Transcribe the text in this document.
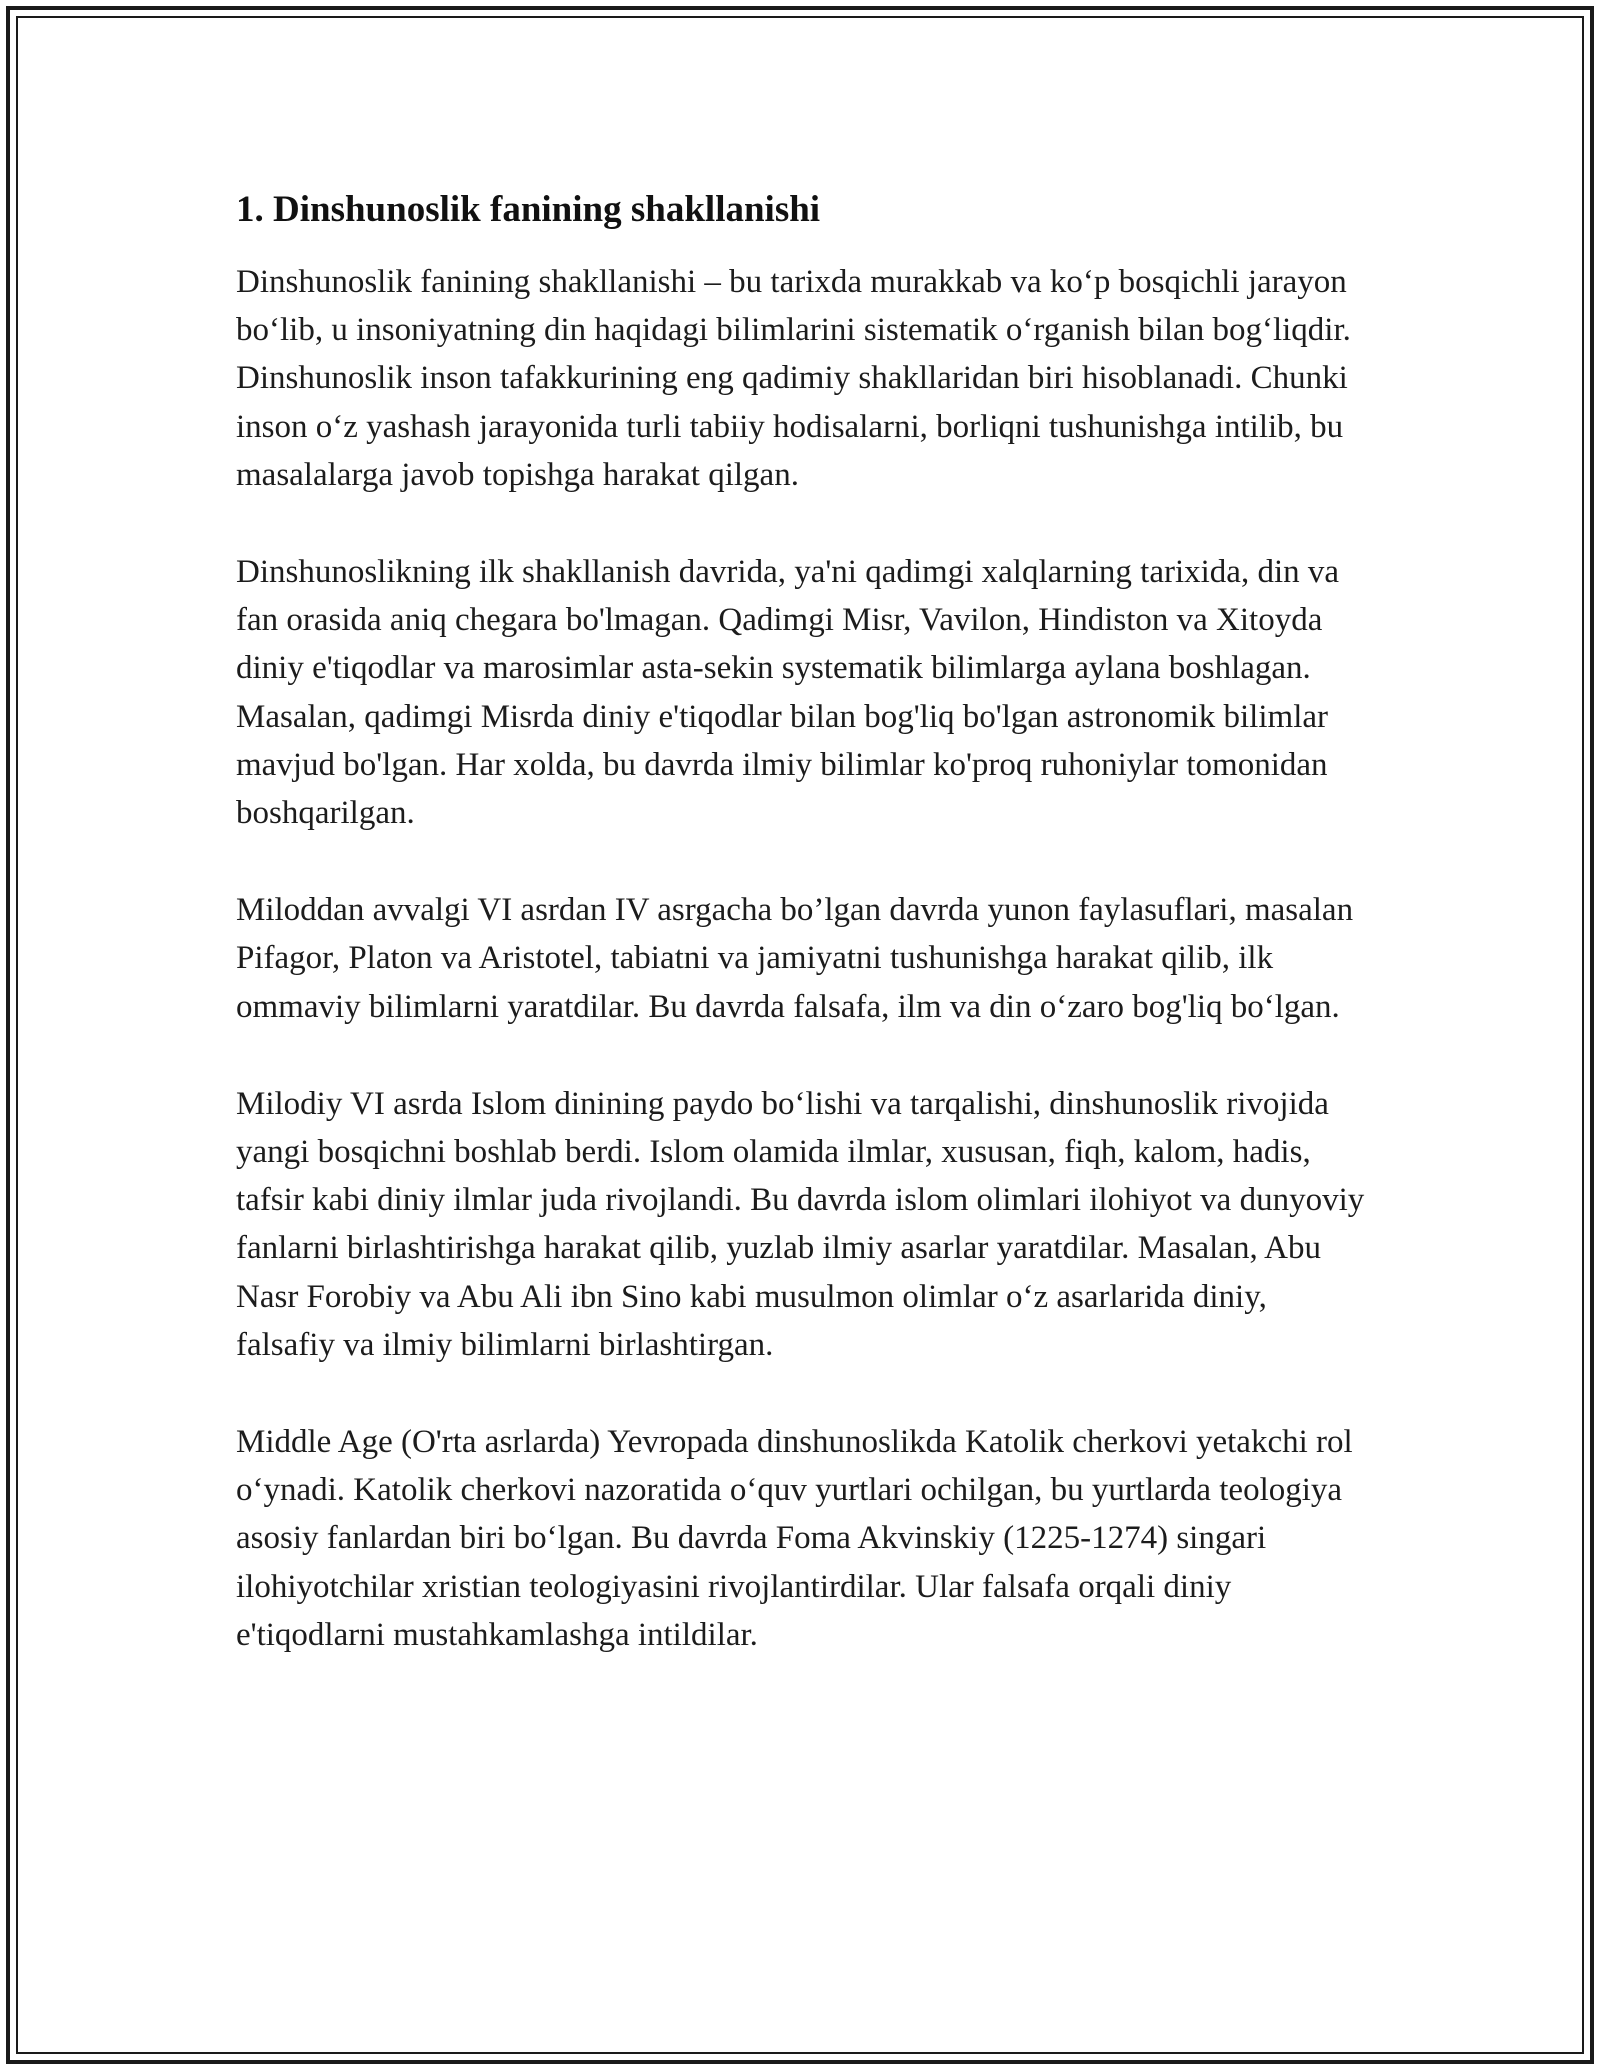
1. Dinshunoslik fanining shakllanishi

Dinshunoslik fanining shakllanishi – bu tarixda murakkab va koʻp bosqichli jarayon boʻlib, u insoniyatning din haqidagi bilimlarini sistematik oʻrganish bilan bogʻliqdir. Dinshunoslik inson tafakkurining eng qadimiy shakllaridan biri hisoblanadi. Chunki inson oʻz yashash jarayonida turli tabiiy hodisalarni, borliqni tushunishga intilib, bu masalalarga javob topishga harakat qilgan.

Dinshunoslikning ilk shakllanish davrida, ya'ni qadimgi xalqlarning tarixida, din va fan orasida aniq chegara bo'lmagan. Qadimgi Misr, Vavilon, Hindiston va Xitoyda diniy e'tiqodlar va marosimlar asta-sekin systematik bilimlarga aylana boshlagan. Masalan, qadimgi Misrda diniy e'tiqodlar bilan bog'liq bo'lgan astronomik bilimlar mavjud bo'lgan. Har xolda, bu davrda ilmiy bilimlar ko'proq ruhoniylar tomonidan boshqarilgan.

Miloddan avvalgi VI asrdan IV asrgacha bo’lgan davrda yunon faylasuflari, masalan Pifagor, Platon va Aristotel, tabiatni va jamiyatni tushunishga harakat qilib, ilk ommaviy bilimlarni yaratdilar. Bu davrda falsafa, ilm va din oʻzaro bog'liq boʻlgan.

Milodiy VI asrda Islom dinining paydo boʻlishi va tarqalishi, dinshunoslik rivojida yangi bosqichni boshlab berdi. Islom olamida ilmlar, xususan, fiqh, kalom, hadis, tafsir kabi diniy ilmlar juda rivojlandi. Bu davrda islom olimlari ilohiyot va dunyoviy fanlarni birlashtirishga harakat qilib, yuzlab ilmiy asarlar yaratdilar. Masalan, Abu Nasr Forobiy va Abu Ali ibn Sino kabi musulmon olimlar oʻz asarlarida diniy, falsafiy va ilmiy bilimlarni birlashtirgan.

Middle Age (O'rta asrlarda) Yevropada dinshunoslikda Katolik cherkovi yetakchi rol oʻynadi. Katolik cherkovi nazoratida oʻquv yurtlari ochilgan, bu yurtlarda teologiya asosiy fanlardan biri boʻlgan. Bu davrda Foma Akvinskiy (1225-1274) singari ilohiyotchilar xristian teologiyasini rivojlantirdilar. Ular falsafa orqali diniy e'tiqodlarni mustahkamlashga intildilar.
